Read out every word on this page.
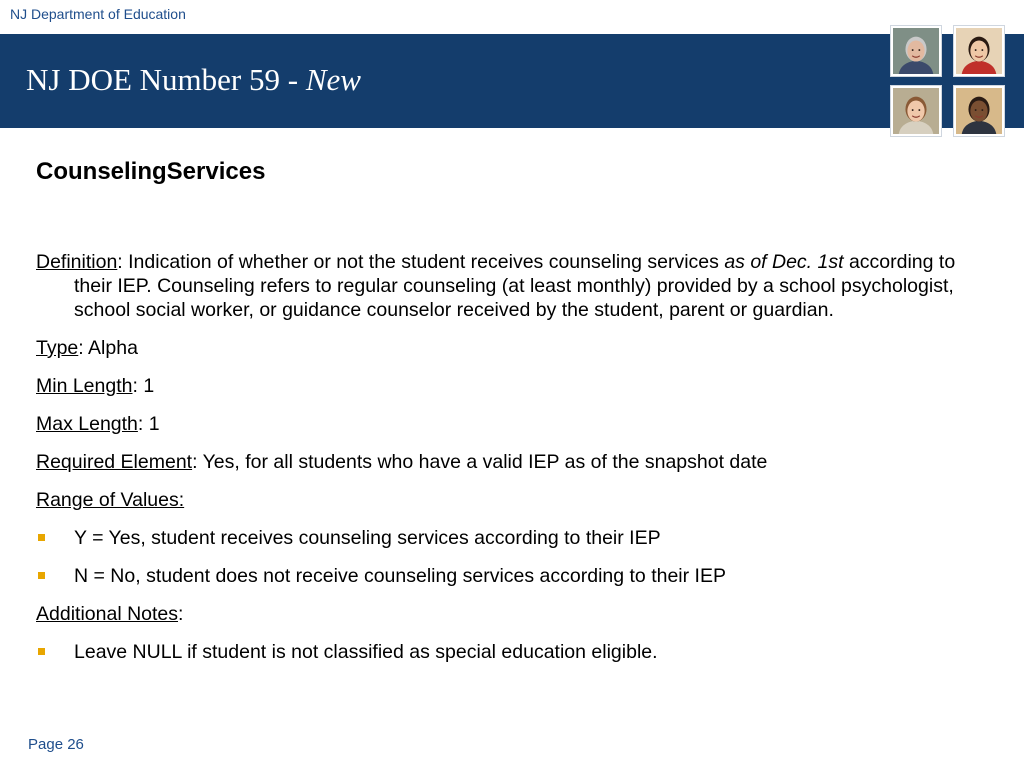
NJ Department of Education
NJ DOE Number 59 - New
CounselingServices
Definition: Indication of whether or not the student receives counseling services as of Dec. 1st according to their IEP. Counseling refers to regular counseling (at least monthly) provided by a school psychologist, school social worker, or guidance counselor received by the student, parent or guardian.
Type: Alpha
Min Length: 1
Max Length: 1
Required Element: Yes, for all students who have a valid IEP as of the snapshot date
Range of Values:
Y = Yes, student receives counseling services according to their IEP
N = No, student does not receive counseling services according to their IEP
Additional Notes:
Leave NULL if student is not classified as special education eligible.
Page 26
